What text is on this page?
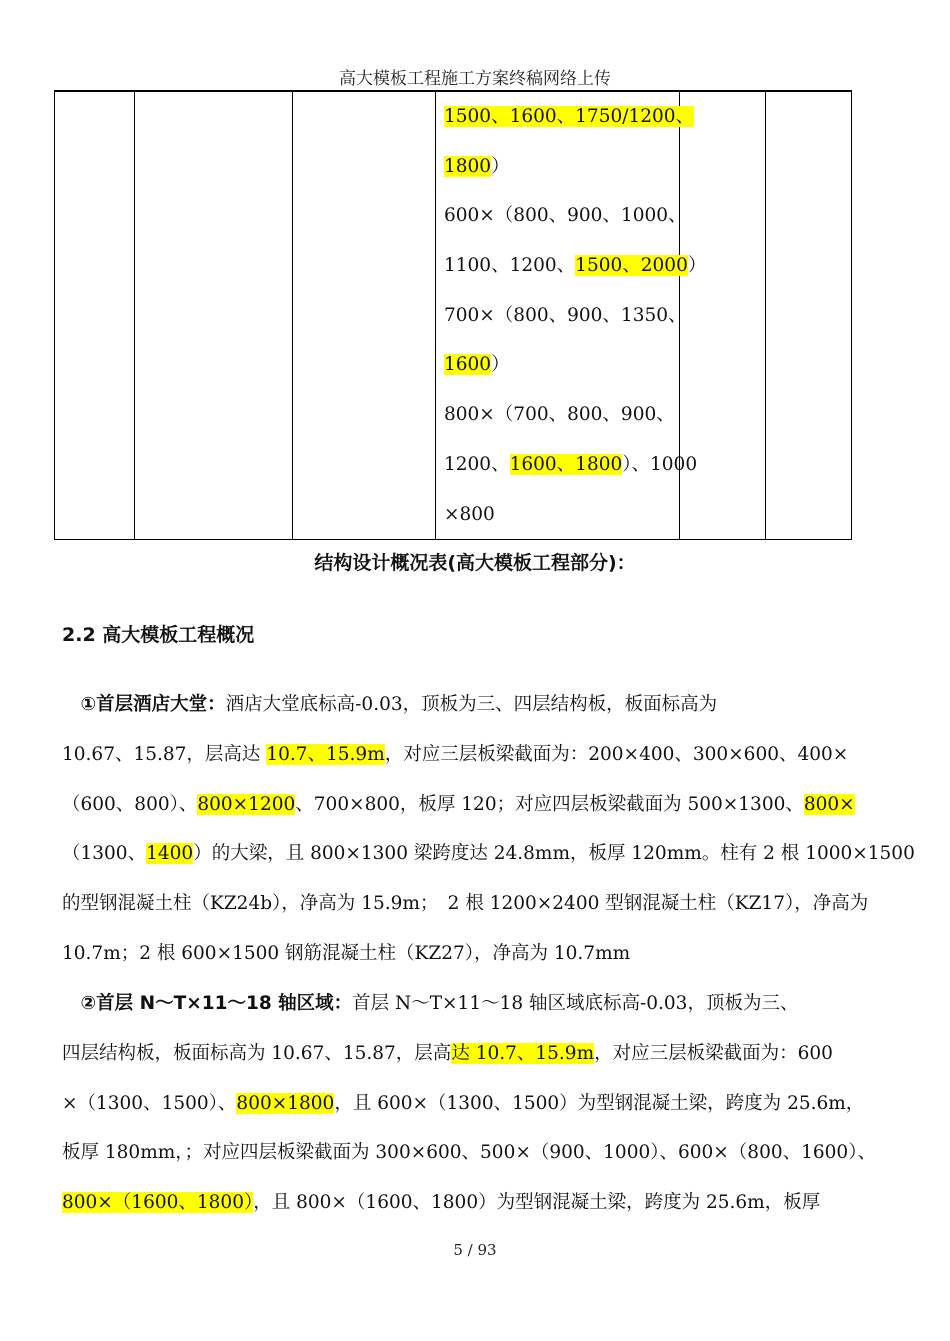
高大模板工程施工方案终稿网络上传

1500、1600、1750/1200、
1800）
600×（800、900、1000、
1100、1200、1500、2000）
700×（800、900、1350、
1600）
800×（700、800、900、
1200、1600、1800）、1000
×800

结构设计概况表(高大模板工程部分)：
2.2 高大模板工程概况
　①首层酒店大堂：酒店大堂底标高-0.03，顶板为三、四层结构板，板面标高为
10.67、15.87，层高达 10.7、15.9m，对应三层板梁截面为：200×400、300×600、400×
（600、800）、800×1200、700×800，板厚 120；对应四层板梁截面为 500×1300、800×
（1300、1400）的大梁，且 800×1300 梁跨度达 24.8mm，板厚 120mm。柱有 2 根 1000×1500
的型钢混凝土柱（KZ24b），净高为 15.9m；　2 根 1200×2400 型钢混凝土柱（KZ17），净高为
10.7m；2 根 600×1500 钢筋混凝土柱（KZ27），净高为 10.7mm
　②首层 N～T×11～18 轴区域：首层 N～T×11～18 轴区域底标高-0.03，顶板为三、
四层结构板，板面标高为 10.67、15.87，层高达 10.7、15.9m，对应三层板梁截面为：600
×（1300、1500）、800×1800，且 600×（1300、1500）为型钢混凝土梁，跨度为 25.6m，
板厚 180mm，；对应四层板梁截面为 300×600、500×（900、1000）、600×（800、1600）、
800×（1600、1800），且 800×（1600、1800）为型钢混凝土梁，跨度为 25.6m，板厚
5 / 93
